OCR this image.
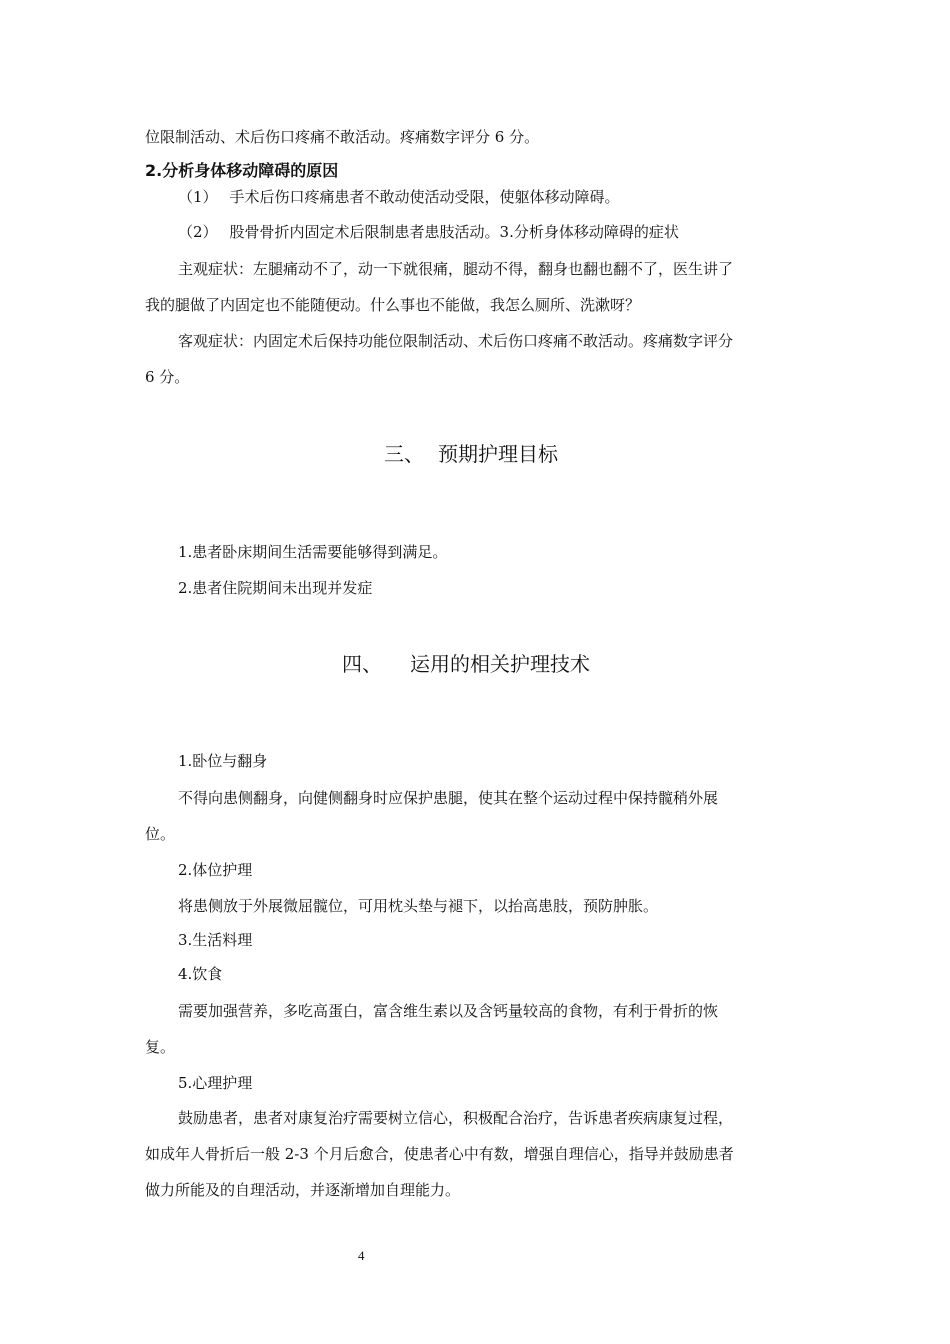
位限制活动、术后伤口疼痛不敢活动。疼痛数字评分 6 分。

2.分析身体移动障碍的原因

（1） 手术后伤口疼痛患者不敢动使活动受限，使躯体移动障碍。

（2） 股骨骨折内固定术后限制患者患肢活动。3.分析身体移动障碍的症状

主观症状：左腿痛动不了，动一下就很痛，腿动不得，翻身也翻也翻不了，医生讲了

我的腿做了内固定也不能随便动。什么事也不能做，我怎么厕所、洗漱呀？

客观症状：内固定术后保持功能位限制活动、术后伤口疼痛不敢活动。疼痛数字评分

6 分。

三、 预期护理目标

1.患者卧床期间生活需要能够得到满足。

2.患者住院期间未出现并发症

四、 运用的相关护理技术

1.卧位与翻身

不得向患侧翻身，向健侧翻身时应保护患腿，使其在整个运动过程中保持髋稍外展

位。

2.体位护理

将患侧放于外展微屈髋位，可用枕头垫与褪下，以抬高患肢，预防肿胀。

3.生活料理

4.饮食

需要加强营养，多吃高蛋白，富含维生素以及含钙量较高的食物，有利于骨折的恢

复。

5.心理护理

鼓励患者，患者对康复治疗需要树立信心，积极配合治疗，告诉患者疾病康复过程，

如成年人骨折后一般 2-3 个月后愈合，使患者心中有数，增强自理信心，指导并鼓励患者

做力所能及的自理活动，并逐渐增加自理能力。

4
